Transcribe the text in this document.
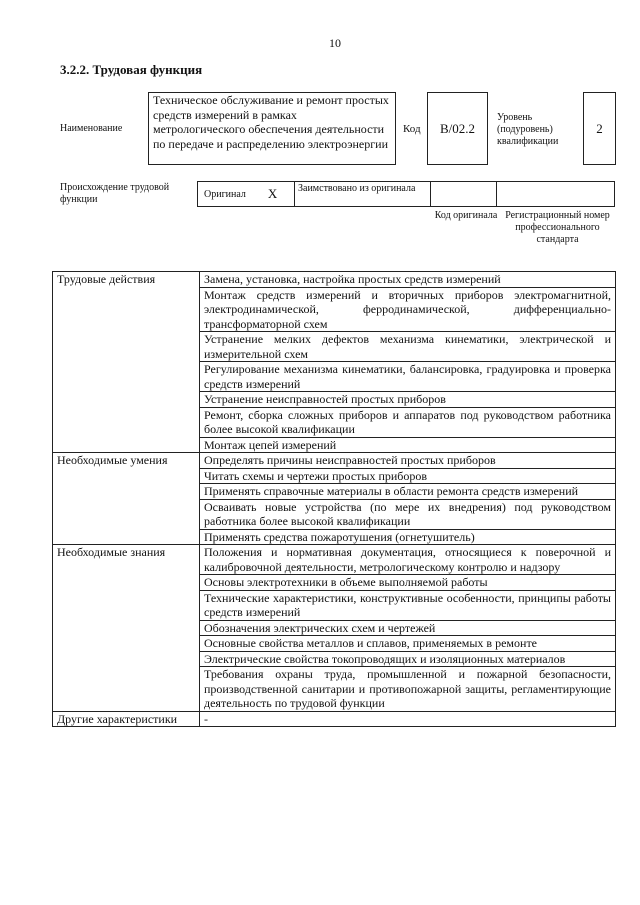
10
3.2.2. Трудовая функция
Наименование
Техническое обслуживание и ремонт простых средств измерений в рамках метрологического обеспечения деятельности по передаче и распределению электроэнергии
Код	B/02.2
Уровень (подуровень) квалификации
2
Происхождение трудовой функции	Оригинал X	Заимствовано из оригинала
Код оригинала Регистрационный номер профессионального стандарта
Трудовые действия	Замена, установка, настройка простых средств измерений
	Монтаж средств измерений и вторичных приборов электромагнитной, электродинамической, ферродинамической, дифференциально-трансформаторной схем
	Устранение мелких дефектов механизма кинематики, электрической и измерительной схем
	Регулирование механизма кинематики, балансировка, градуировка и проверка средств измерений
	Устранение неисправностей простых приборов
	Ремонт, сборка сложных приборов и аппаратов под руководством работника более высокой квалификации
	Монтаж цепей измерений
Необходимые умения	Определять причины неисправностей простых приборов
	Читать схемы и чертежи простых приборов
	Применять справочные материалы в области ремонта средств измерений
	Осваивать новые устройства (по мере их внедрения) под руководством работника более высокой квалификации
	Применять средства пожаротушения (огнетушитель)
Необходимые знания	Положения и нормативная документация, относящиеся к поверочной и калибровочной деятельности, метрологическому контролю и надзору
	Основы электротехники в объеме выполняемой работы
	Технические характеристики, конструктивные особенности, принципы работы средств измерений
	Обозначения электрических схем и чертежей
	Основные свойства металлов и сплавов, применяемых в ремонте
	Электрические свойства токопроводящих и изоляционных материалов
	Требования охраны труда, промышленной и пожарной безопасности, производственной санитарии и противопожарной защиты, регламентирующие деятельность по трудовой функции
Другие характеристики	-
